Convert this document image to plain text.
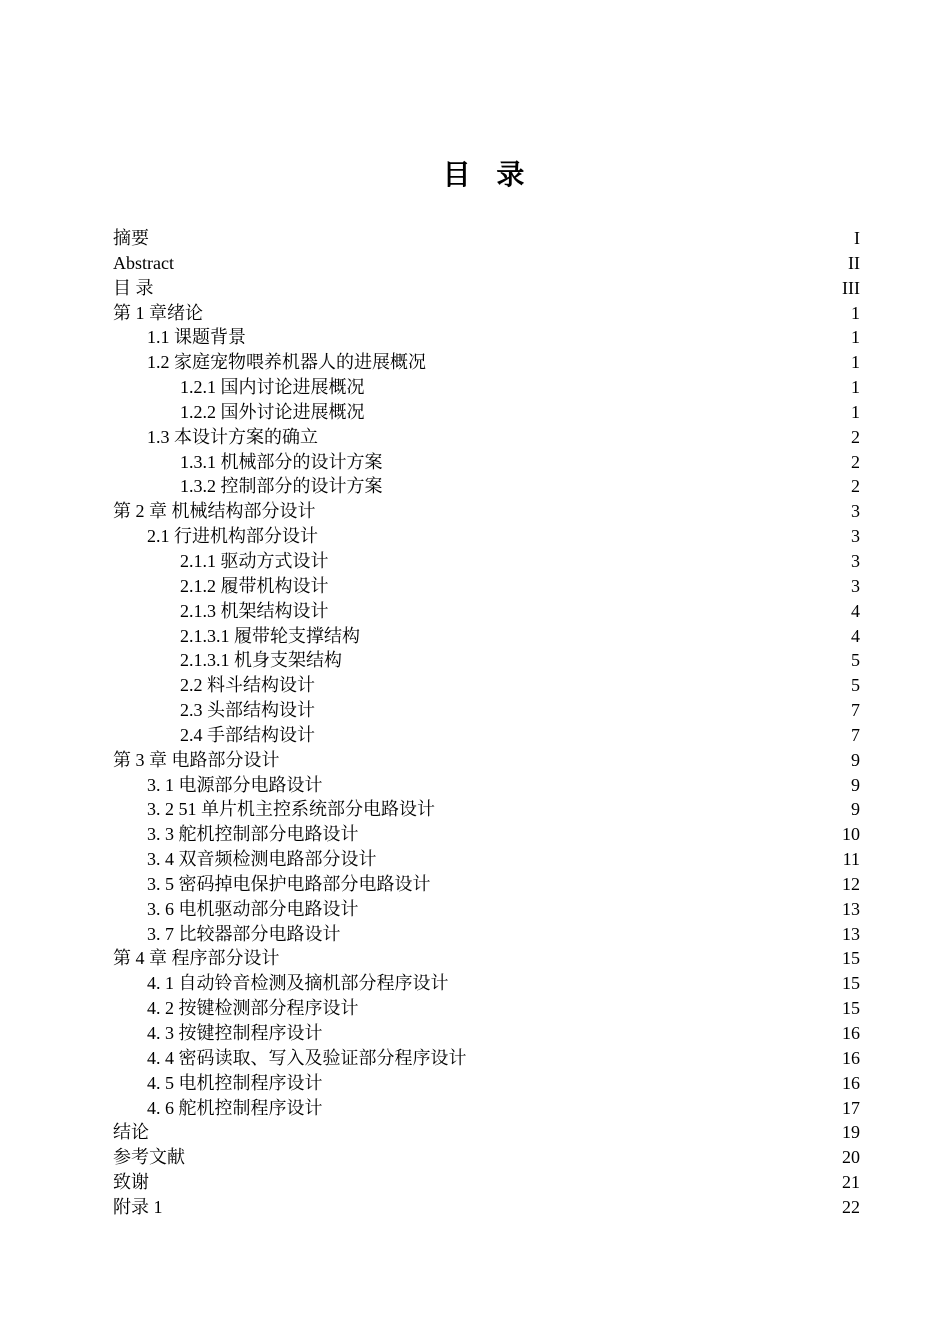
目 录
摘要	I
Abstract	II
目 录	III
第 1 章绪论	1
1.1 课题背景	1
1.2 家庭宠物喂养机器人的进展概况	1
1.2.1 国内讨论进展概况	1
1.2.2 国外讨论进展概况	1
1.3 本设计方案的确立	2
1.3.1 机械部分的设计方案	2
1.3.2 控制部分的设计方案	2
第 2 章 机械结构部分设计	3
2.1 行进机构部分设计	3
2.1.1 驱动方式设计	3
2.1.2 履带机构设计	3
2.1.3 机架结构设计	4
2.1.3.1 履带轮支撑结构	4
2.1.3.1 机身支架结构	5
2.2 料斗结构设计	5
2.3 头部结构设计	7
2.4 手部结构设计	7
第 3 章 电路部分设计	9
3. 1 电源部分电路设计	9
3. 2 51 单片机主控系统部分电路设计	9
3. 3 舵机控制部分电路设计	10
3. 4 双音频检测电路部分设计	11
3. 5 密码掉电保护电路部分电路设计	12
3. 6 电机驱动部分电路设计	13
3. 7 比较器部分电路设计	13
第 4 章 程序部分设计	15
4. 1 自动铃音检测及摘机部分程序设计	15
4. 2 按键检测部分程序设计	15
4. 3 按键控制程序设计	16
4. 4 密码读取、写入及验证部分程序设计	16
4. 5 电机控制程序设计	16
4. 6 舵机控制程序设计	17
结论	19
参考文献	20
致谢	21
附录 1	22
